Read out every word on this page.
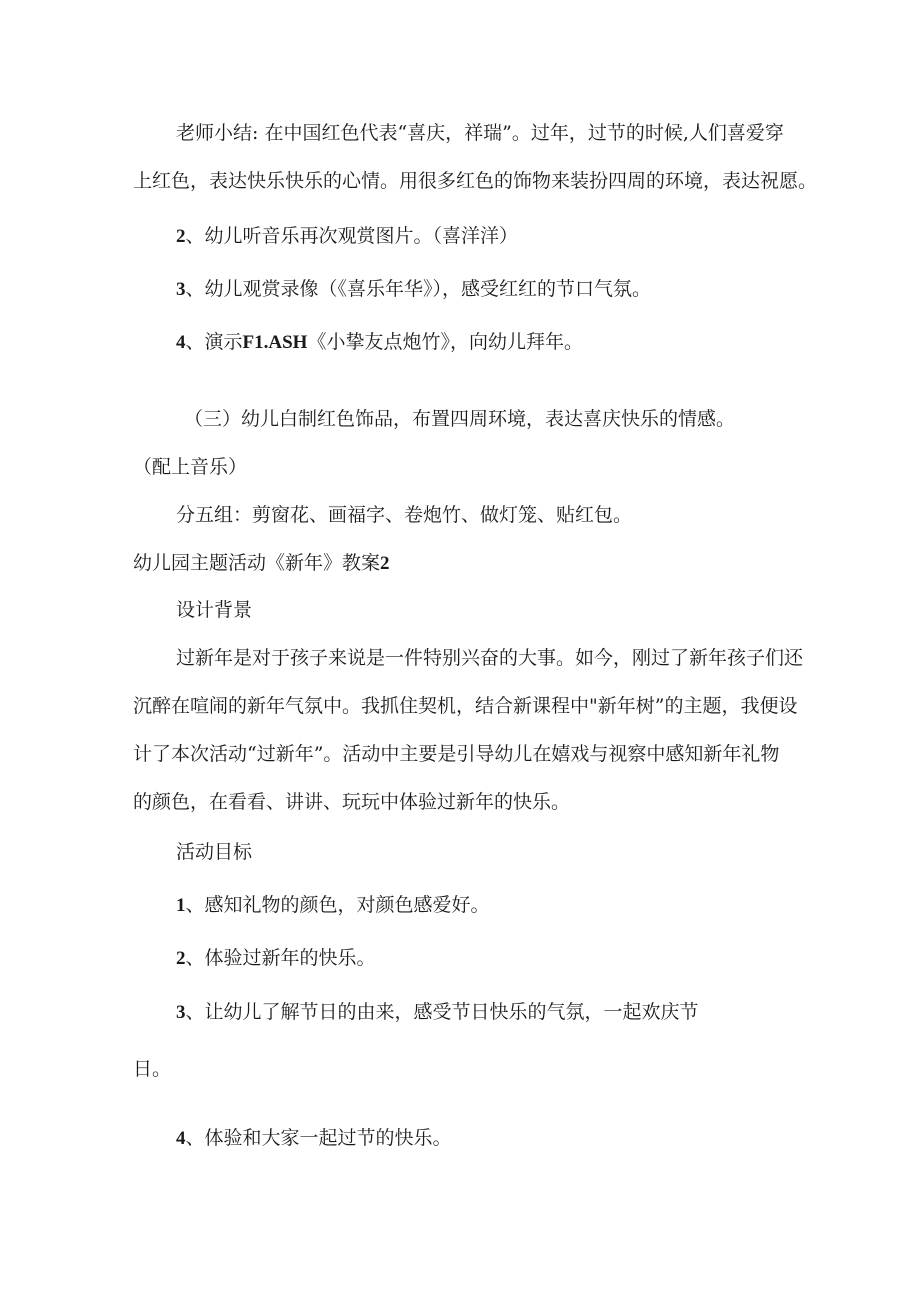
老师小结: 在中国红色代表“喜庆，祥瑞”。过年，过节的时候,人们喜爱穿
上红色，表达快乐快乐的心情。用很多红色的饰物来装扮四周的环境，表达祝愿。
2、幼儿听音乐再次观赏图片。（喜洋洋）
3、幼儿观赏录像（《喜乐年华》），感受红红的节口气氛。
4、演示F1.ASH《小挚友点炮竹》，向幼儿拜年。
（三）幼儿白制红色饰品，布置四周环境，表达喜庆快乐的情感。
（配上音乐）
分五组：剪窗花、画福字、卷炮竹、做灯笼、贴红包。
幼儿园主题活动《新年》教案2
设计背景
过新年是对于孩子来说是一件特别兴奋的大事。如今，刚过了新年孩子们还
沉醉在喧闹的新年气氛中。我抓住契机，结合新课程中"新年树”的主题，我便设
计了本次活动“过新年”。活动中主要是引导幼儿在嬉戏与视察中感知新年礼物
的颜色，在看看、讲讲、玩玩中体验过新年的快乐。
活动目标
1、感知礼物的颜色，对颜色感爱好。
2、体验过新年的快乐。
3、让幼儿了解节日的由来，感受节日快乐的气氛，一起欢庆节
日。
4、体验和大家一起过节的快乐。
